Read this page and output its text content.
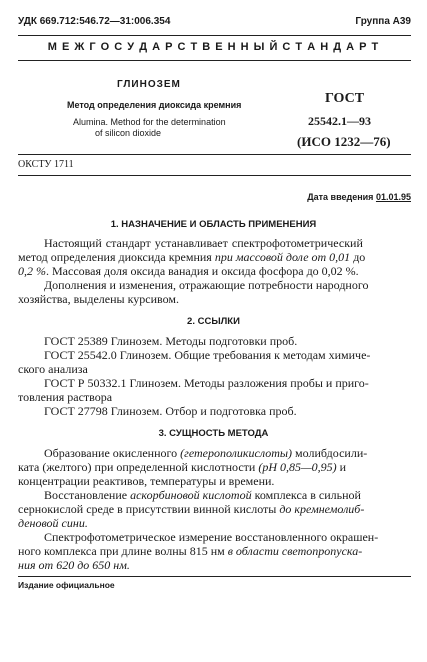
УДК 669.712:546.72—31:006.354	Группа А39
М Е Ж Г О С У Д А Р С Т В Е Н Н Ы Й С Т А Н Д А Р Т
ГЛИНОЗЕМ
Метод определения диоксида кремния
Alumina. Method for the determination
of silicon dioxide
ГОСТ
25542.1—93
(ИСО 1232—76)
ОКСТУ 1711
Дата введения 01.01.95
1. НАЗНАЧЕНИЕ И ОБЛАСТЬ ПРИМЕНЕНИЯ
Настоящий стандарт устанавливает спектрофотометрический
метод определения диоксида кремния при массовой доле от 0,01 до
0,2 %. Массовая доля оксида ванадия и оксида фосфора до 0,02 %.
Дополнения и изменения, отражающие потребности народного
хозяйства, выделены курсивом.
2. ССЫЛКИ
ГОСТ 25389 Глинозем. Методы подготовки проб.
ГОСТ 25542.0 Глинозем. Общие требования к методам химиче-
ского анализа
ГОСТ Р 50332.1 Глинозем. Методы разложения пробы и приго-
товления раствора
ГОСТ 27798 Глинозем. Отбор и подготовка проб.
3. СУЩНОСТЬ МЕТОДА
Образование окисленного (гетерополикислоты) молибдосили-
ката (желтого) при определенной кислотности (рН 0,85—0,95) и
концентрации реактивов, температуры и времени.
Восстановление аскорбиновой кислотой комплекса в сильной
сернокислой среде в присутствии винной кислоты до кремнемолиб-
деновой сини.
Спектрофотометрическое измерение восстановленного окрашен-
ного комплекса при длине волны 815 нм в области светопропуска-
ния от 620 до 650 нм.
Издание официальное
